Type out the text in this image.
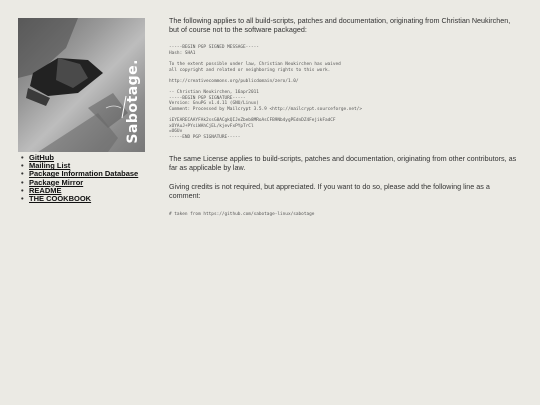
Sabotage.
• GitHub
• Mailing List
• Package Information Database
• Package Mirror
• README
• THE COOKBOOK

The following applies to all build-scripts, patches and documentation, originating from Christian Neukirchen, but of course not to the software packaged:

-----BEGIN PGP SIGNED MESSAGE-----
Hash: SHA1

To the extent possible under law, Christian Neukirchen has waived
all copyright and related or neighboring rights to this work.

http://creativecommons.org/publicdomain/zero/1.0/

-- Christian Neukirchen, 16apr2011
-----BEGIN PGP SIGNATURE-----
Version: GnuPG v1.4.11 (GNU/Linux)
Comment: Processed by Mailcrypt 3.5.9 <http://mailcrypt.sourceforge.net/>

iEYEARECAAYFAk2ssG8ACgkQIJeZbeb8MRoAsCFB9Nb4ygPEdnDZ4FejikFadCF
xOYAuJ+PYsiWAhCjEL/kjevFxPYpTrCl
=U6Uv
-----END PGP SIGNATURE-----

The same License applies to build-scripts, patches and documentation, originating from other contributors, as far as applicable by law.

Giving credits is not required, but appreciated. If you want to do so, please add the following line as a comment:

# taken from https://github.com/sabotage-linux/sabotage
